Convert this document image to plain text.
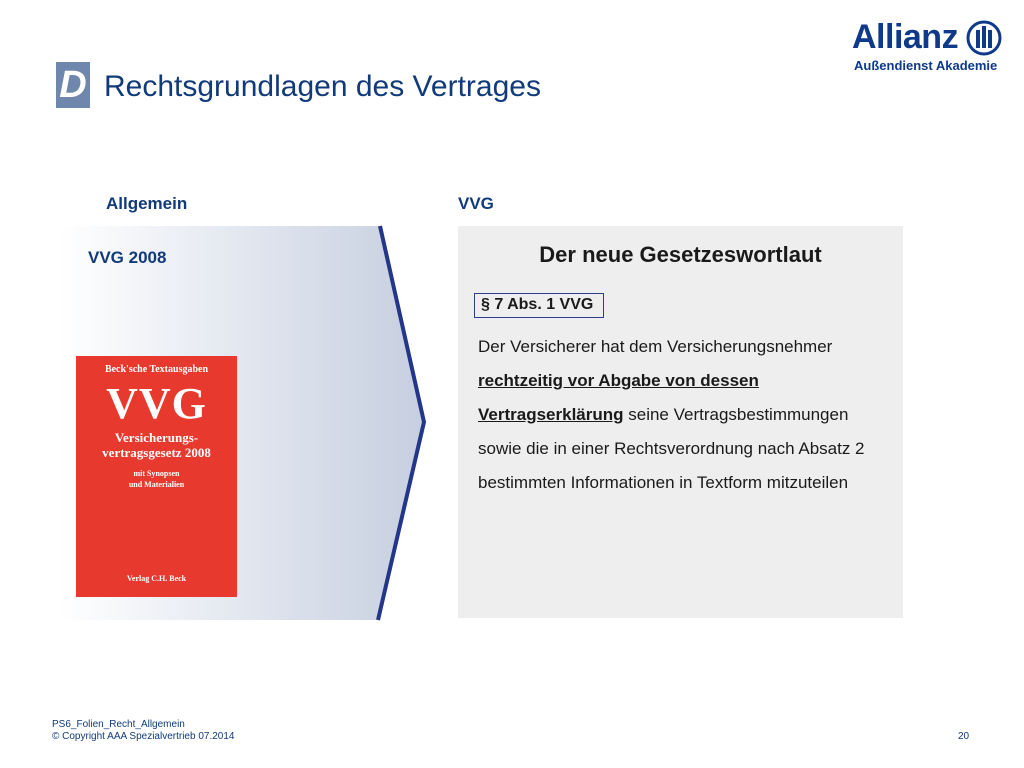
D Rechtsgrundlagen des Vertrages
Allianz
Außendienst Akademie
Allgemein	VVG
VVG 2008
Beck'sche Textausgaben
VVG
Versicherungs-
vertragsgesetz 2008
mit Synopsen
und Materialien
Verlag C.H. Beck
Der neue Gesetzeswortlaut
§ 7 Abs. 1 VVG
Der Versicherer hat dem Versicherungsnehmer rechtzeitig vor Abgabe von dessen Vertragserklärung seine Vertragsbestimmungen sowie die in einer Rechtsverordnung nach Absatz 2 bestimmten Informationen in Textform mitzuteilen
PS6_Folien_Recht_Allgemein
© Copyright AAA Spezialvertrieb 07.2014	20
